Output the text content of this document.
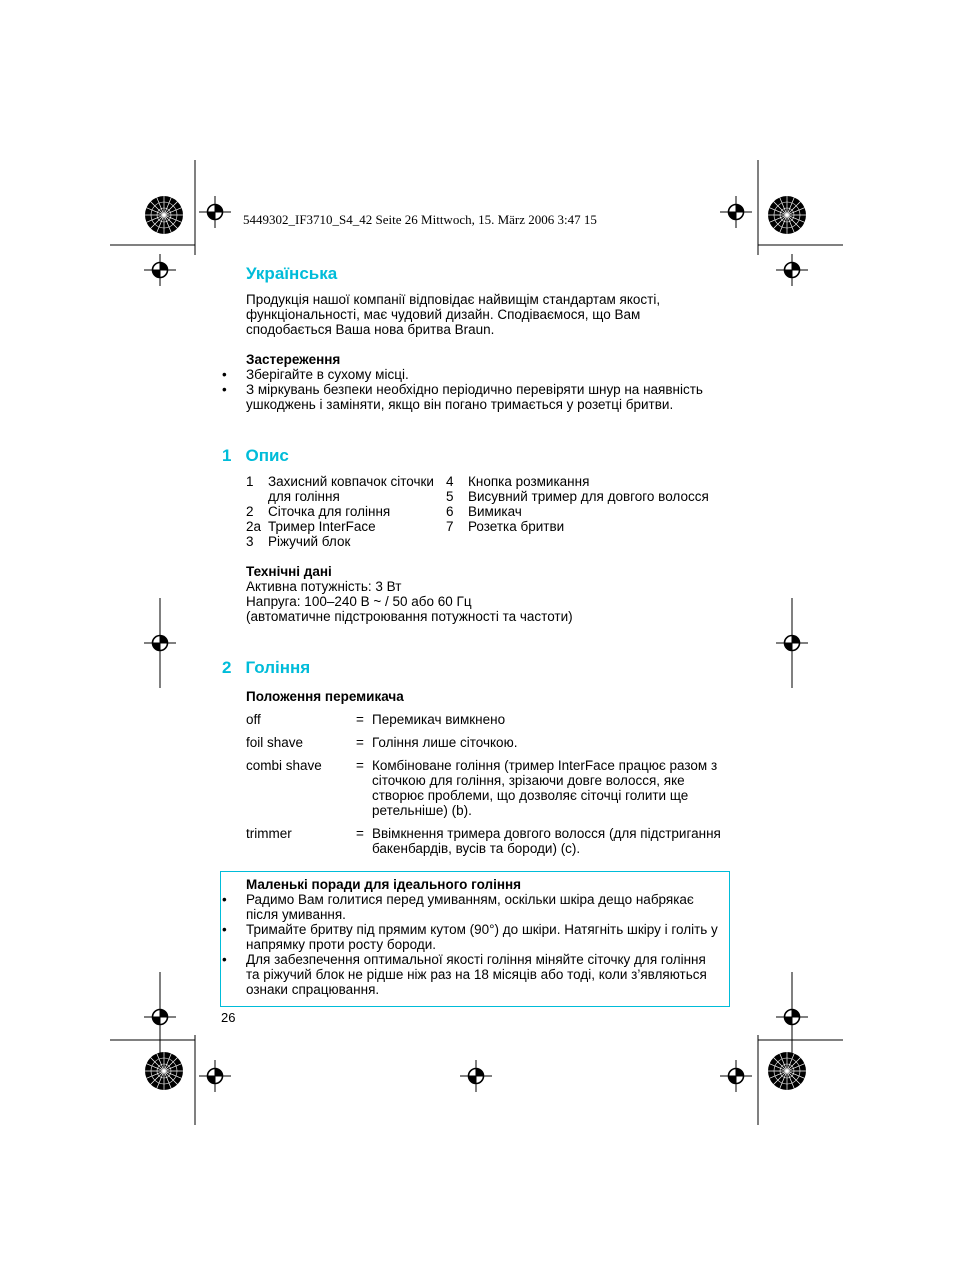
5449302_IF3710_S4_42 Seite 26 Mittwoch, 15. März 2006 3:47 15
Українська
Продукція нашої компанії відповідає найвищім стандартам якості,
функціональності, має чудовий дизайн. Сподіваємося, що Вам
сподобається Ваша нова бритва Braun.
Застереження
• Зберігайте в сухому місці.
• З міркувань безпеки необхідно періодично перевіряти шнур на наявність ушкоджень і заміняти, якщо він погано тримається у розетці бритви.
1 Опис
1	Захисний ковпачок сіточки для гоління
2	Сіточка для гоління
2a Тример InterFace
3	Ріжучий блок
4	Кнопка розмикання
5	Висувний тример для довгого волосся
6	Вимикач
7	Розетка бритви
Технічні дані
Активна потужність: 3 Вт
Напруга: 100–240 В ~ / 50 або 60 Гц
(автоматичне підстроювання потужності та частоти)
2 Гоління
Положення перемикача
off	= Перемикач вимкнено
foil shave	= Гоління лише сіточкою.
combi shave	= Комбіноване гоління (тример InterFace працює разом з сіточкою для гоління, зрізаючи довге волосся, яке створює проблеми, що дозволяє сіточці голити ще ретельніше) (b).
trimmer	= Ввімкнення тримера довгого волосся (для підстригання бакенбардів, вусів та бороди) (c).
Маленькі поради для ідеального гоління
• Радимо Вам голитися перед умиванням, оскільки шкіра дещо набрякає після умивання.
• Тримайте бритву під прямим кутом (90°) до шкіри. Натягніть шкіру і голіть у напрямку проти росту бороди.
• Для забезпечення оптимальної якості гоління міняйте сіточку для гоління та ріжучий блок не рідше ніж раз на 18 місяців або тоді, коли з’являються ознаки спрацювання.
26
